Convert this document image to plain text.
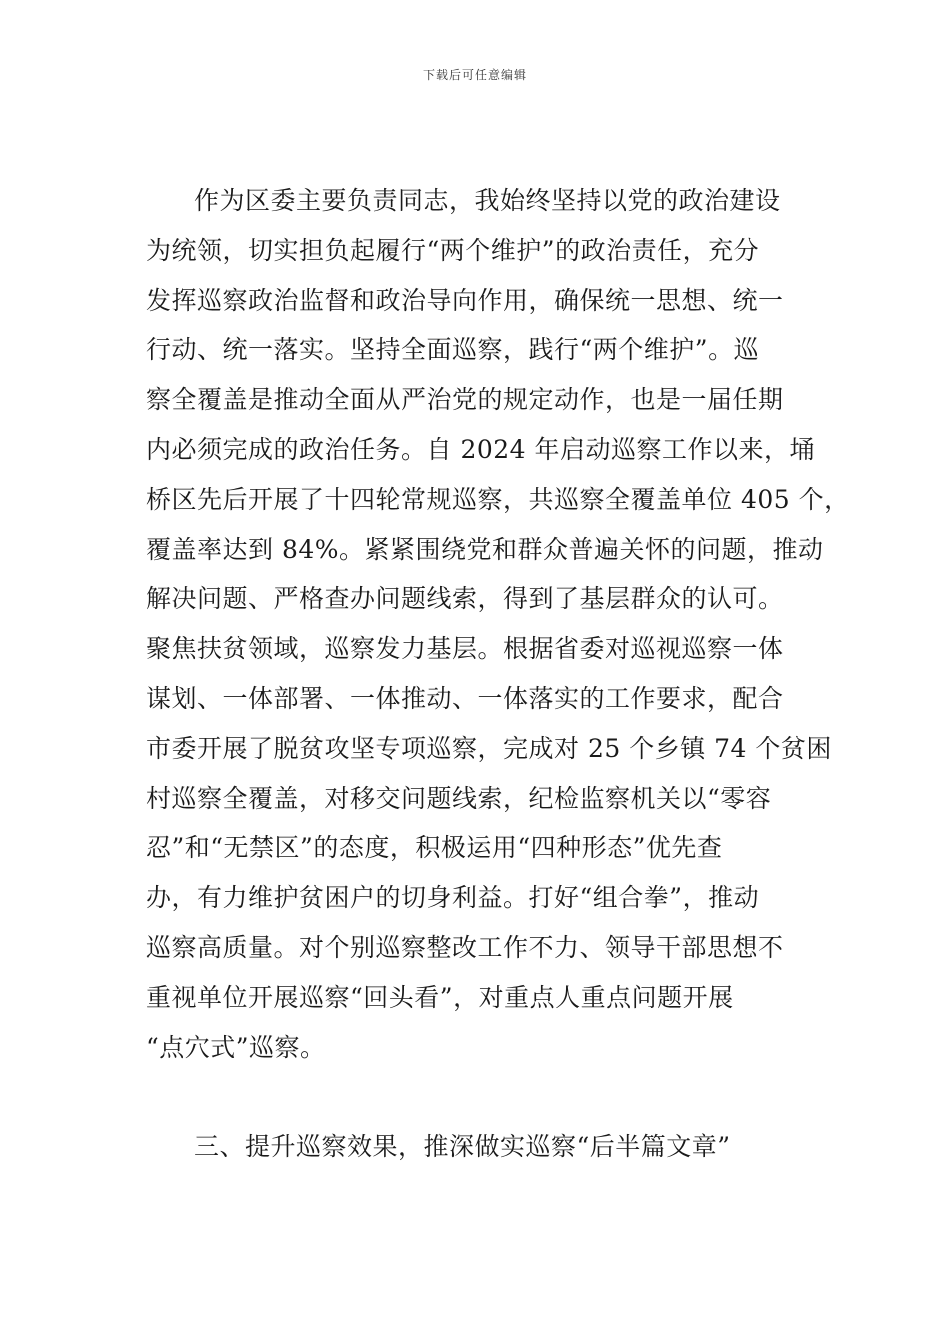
下载后可任意编辑
作为区委主要负责同志，我始终坚持以党的政治建设
为统领，切实担负起履行“两个维护”的政治责任，充分
发挥巡察政治监督和政治导向作用，确保统一思想、统一
行动、统一落实。坚持全面巡察，践行“两个维护”。巡
察全覆盖是推动全面从严治党的规定动作，也是一届任期
内必须完成的政治任务。自 2024 年启动巡察工作以来，埇
桥区先后开展了十四轮常规巡察，共巡察全覆盖单位 405 个，
覆盖率达到 84%。紧紧围绕党和群众普遍关怀的问题，推动
解决问题、严格查办问题线索，得到了基层群众的认可。
聚焦扶贫领域，巡察发力基层。根据省委对巡视巡察一体
谋划、一体部署、一体推动、一体落实的工作要求，配合
市委开展了脱贫攻坚专项巡察，完成对 25 个乡镇 74 个贫困
村巡察全覆盖，对移交问题线索，纪检监察机关以“零容
忍”和“无禁区”的态度，积极运用“四种形态”优先查
办，有力维护贫困户的切身利益。打好“组合拳”，推动
巡察高质量。对个别巡察整改工作不力、领导干部思想不
重视单位开展巡察“回头看”，对重点人重点问题开展
“点穴式”巡察。
三、提升巡察效果，推深做实巡察“后半篇文章”
